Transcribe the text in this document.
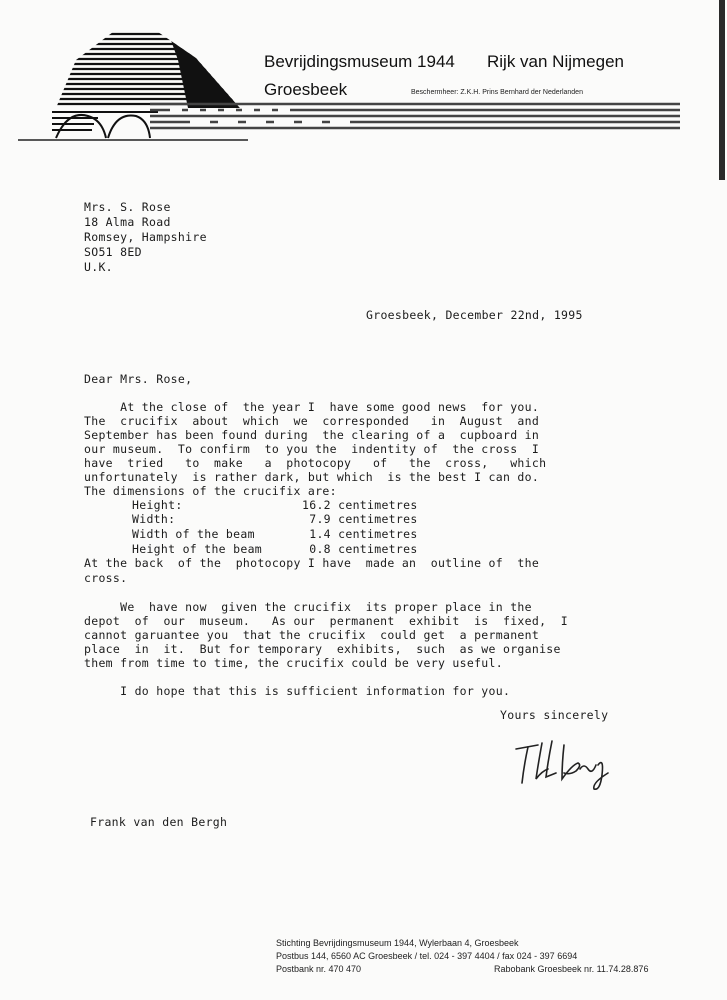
Bevrijdingsmuseum 1944 Rijk van Nijmegen
Groesbeek	Beschermheer: Z.K.H. Prins Bernhard der Nederlanden
Mrs. S. Rose
18 Alma Road
Romsey, Hampshire
SO51 8ED
U.K.
Groesbeek, December 22nd, 1995
Dear Mrs. Rose,
At the close of  the year I  have some good news  for you.
The  crucifix  about  which  we  corresponded   in  August  and
September has been found during  the clearing of a  cupboard in
our museum.  To confirm  to you the  indentity of  the cross  I
have  tried   to  make   a  photocopy   of   the  cross,   which
unfortunately  is rather dark, but which  is the best I can do.
The dimensions of the crucifix are:
Height:	16.2 centimetres
Width:	7.9 centimetres
Width of the beam	1.4 centimetres
Height of the beam	0.8 centimetres
At the back  of the  photocopy I have  made an  outline of  the
cross.
We  have now  given the crucifix  its proper place in the
depot  of  our  museum.   As our  permanent  exhibit  is  fixed,  I
cannot garuantee you  that the crucifix  could get  a permanent
place  in  it.  But for temporary  exhibits,  such  as we organise
them from time to time, the crucifix could be very useful.
I do hope that this is sufficient information for you.
Yours sincerely
Frank van den Bergh
Stichting Bevrijdingsmuseum 1944, Wylerbaan 4, Groesbeek
Postbus 144, 6560 AC Groesbeek / tel. 024 - 397 4404 / fax 024 - 397 6694
Postbank nr. 470 470	Rabobank Groesbeek nr. 11.74.28.876
